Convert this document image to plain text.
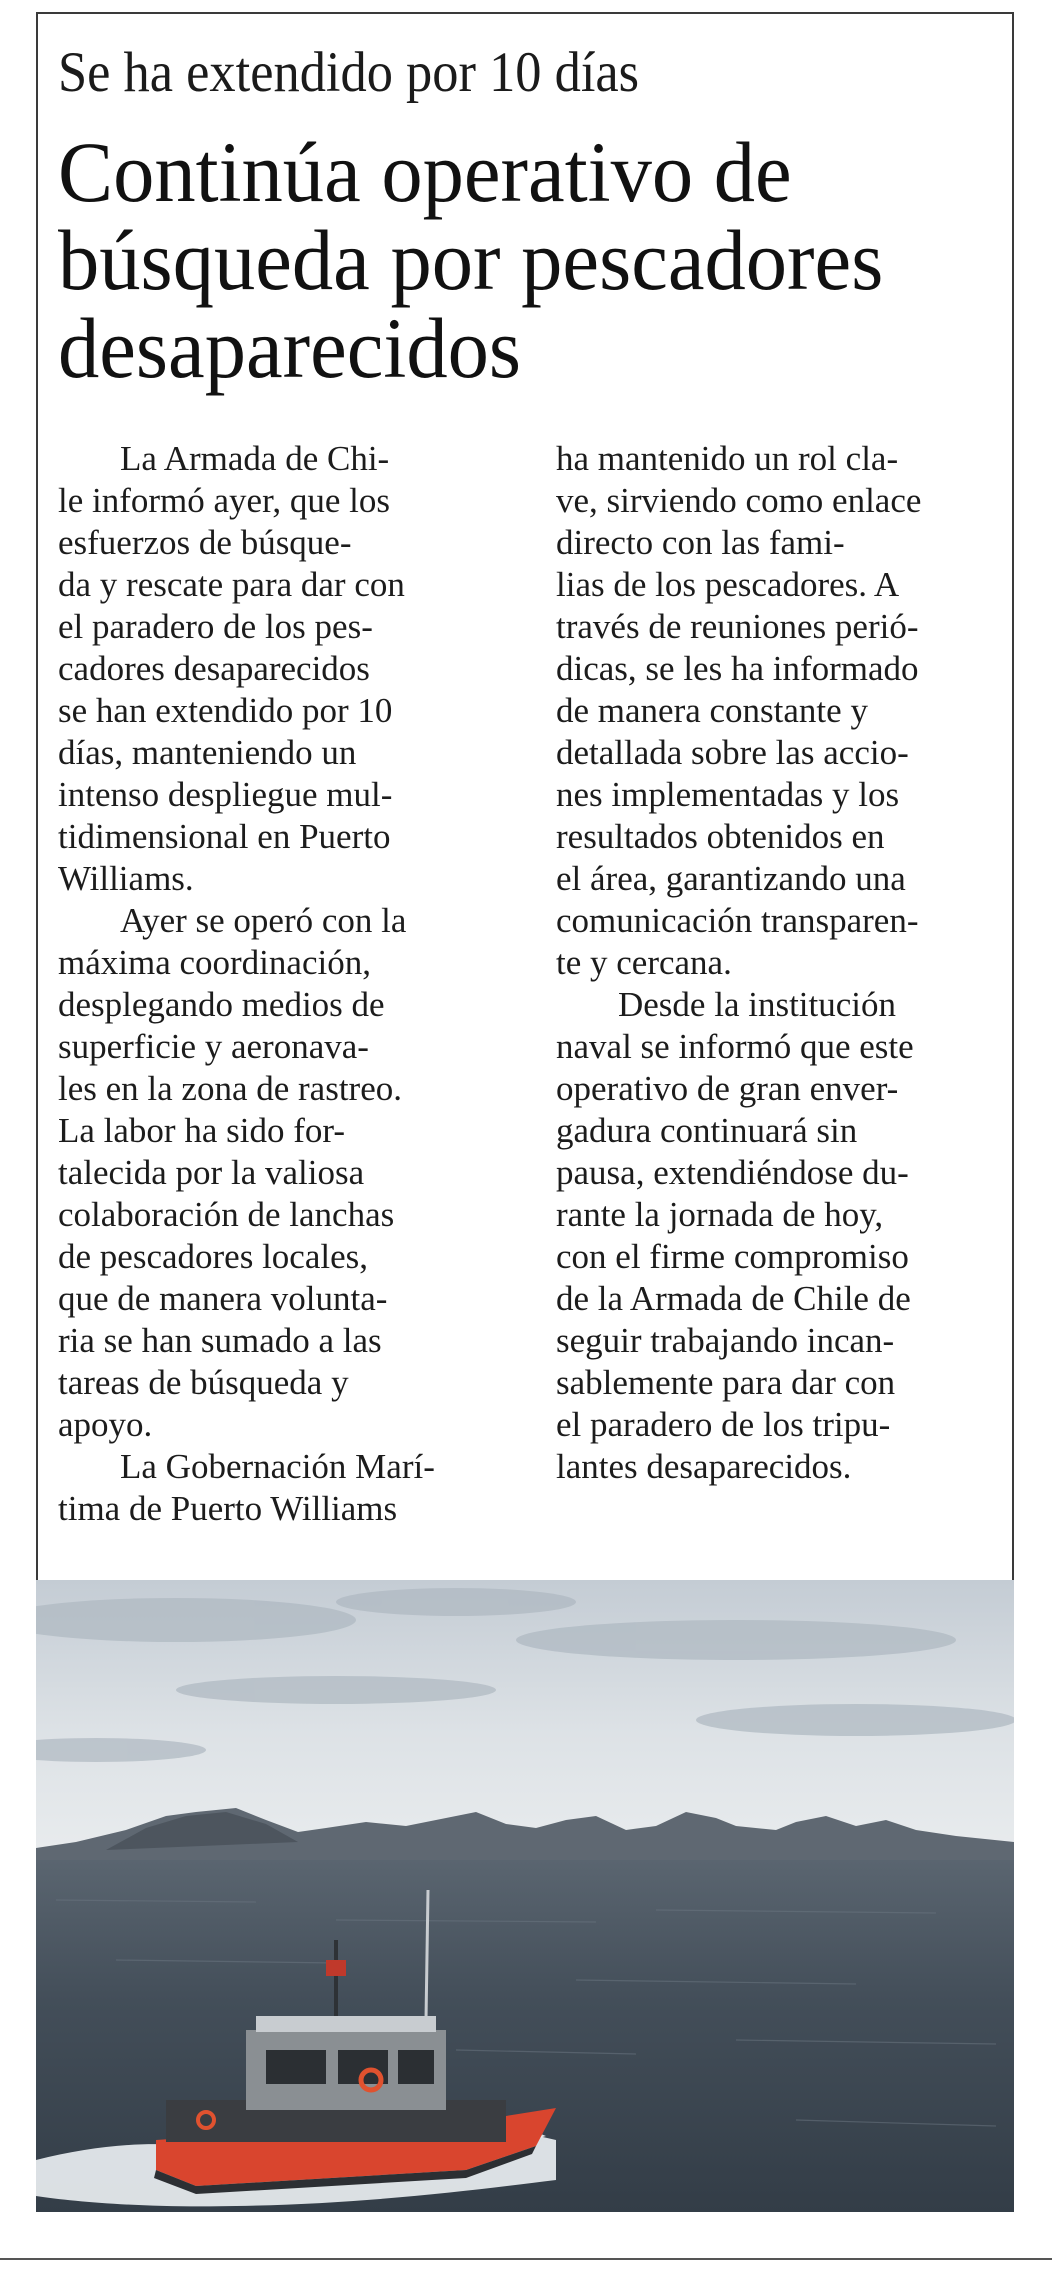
Se ha extendido por 10 días
Continúa operativo de
búsqueda por pescadores
desaparecidos
La Armada de Chi-
le informó ayer, que los
esfuerzos de búsque-
da y rescate para dar con
el paradero de los pes-
cadores desaparecidos
se han extendido por 10
días, manteniendo un
intenso despliegue mul-
tidimensional en Puerto
Williams.
Ayer se operó con la
máxima coordinación,
desplegando medios de
superficie y aeronava-
les en la zona de rastreo.
La labor ha sido for-
talecida por la valiosa
colaboración de lanchas
de pescadores locales,
que de manera volunta-
ria se han sumado a las
tareas de búsqueda y
apoyo.
La Gobernación Marí-
tima de Puerto Williams
ha mantenido un rol cla-
ve, sirviendo como enlace
directo con las fami-
lias de los pescadores. A
través de reuniones perió-
dicas, se les ha informado
de manera constante y
detallada sobre las accio-
nes implementadas y los
resultados obtenidos en
el área, garantizando una
comunicación transparen-
te y cercana.
Desde la institución
naval se informó que este
operativo de gran enver-
gadura continuará sin
pausa, extendiéndose du-
rante la jornada de hoy,
con el firme compromiso
de la Armada de Chile de
seguir trabajando incan-
sablemente para dar con
el paradero de los tripu-
lantes desaparecidos.
